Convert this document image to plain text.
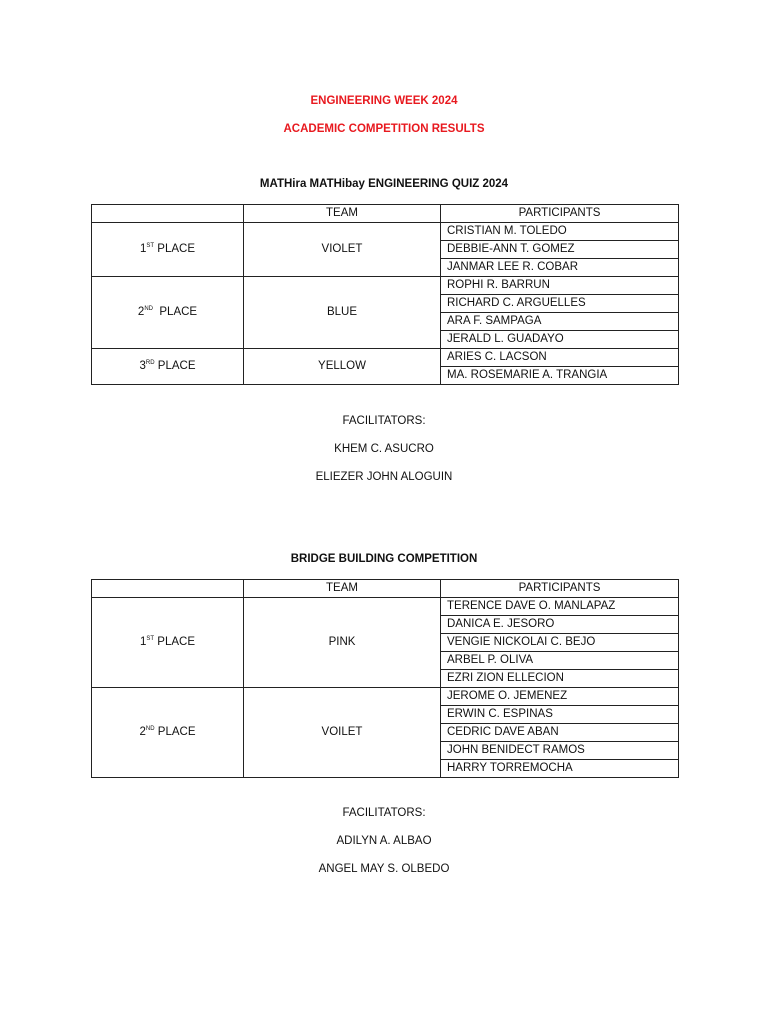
ENGINEERING WEEK 2024
ACADEMIC COMPETITION RESULTS
MATHira MATHibay ENGINEERING QUIZ 2024
	TEAM	PARTICIPANTS
1ST PLACE	VIOLET	CRISTIAN M. TOLEDO
		DEBBIE-ANN T. GOMEZ
		JANMAR LEE R. COBAR
2ND  PLACE	BLUE	ROPHI R. BARRUN
		RICHARD C. ARGUELLES
		ARA F. SAMPAGA
		JERALD L. GUADAYO
3RD PLACE	YELLOW	ARIES C. LACSON
		MA. ROSEMARIE A. TRANGIA
FACILITATORS:
KHEM C. ASUCRO
ELIEZER JOHN ALOGUIN
BRIDGE BUILDING COMPETITION
	TEAM	PARTICIPANTS
1ST PLACE	PINK	TERENCE DAVE O. MANLAPAZ
		DANICA E. JESORO
		VENGIE NICKOLAI C. BEJO
		ARBEL P. OLIVA
		EZRI ZION ELLECION
2ND PLACE	VOILET	JEROME O. JEMENEZ
		ERWIN C. ESPINAS
		CEDRIC DAVE ABAN
		JOHN BENIDECT RAMOS
		HARRY TORREMOCHA
FACILITATORS:
ADILYN A. ALBAO
ANGEL MAY S. OLBEDO
